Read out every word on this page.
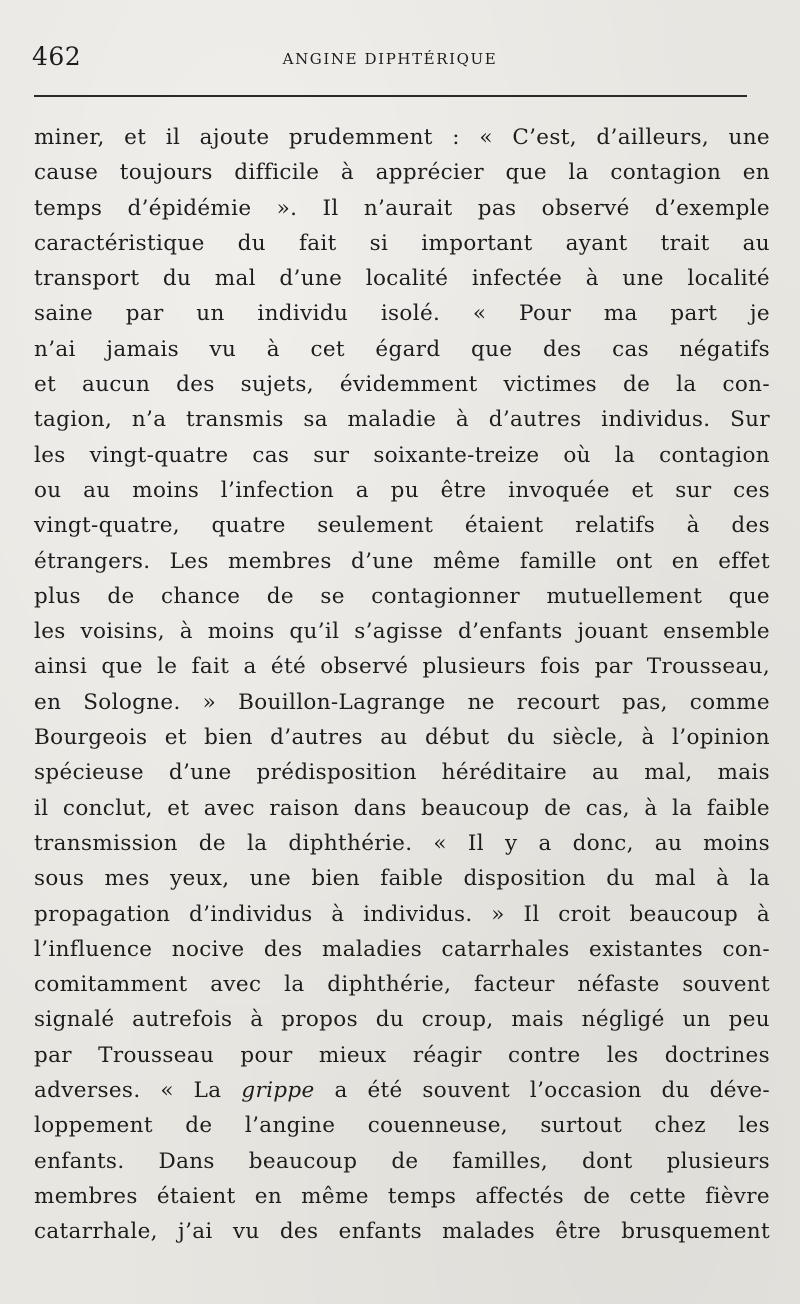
462	ANGINE DIPHTÉRIQUE
miner, et il ajoute prudemment : « C’est, d’ailleurs, une
cause toujours difficile à apprécier que la contagion en
temps d’épidémie ». Il n’aurait pas observé d’exemple
caractéristique du fait si important ayant trait au
transport du mal d’une localité infectée à une localité
saine par un individu isolé. « Pour ma part je
n’ai jamais vu à cet égard que des cas négatifs
et aucun des sujets, évidemment victimes de la con-
tagion, n’a transmis sa maladie à d’autres individus. Sur
les vingt-quatre cas sur soixante-treize où la contagion
ou au moins l’infection a pu être invoquée et sur ces
vingt-quatre, quatre seulement étaient relatifs à des
étrangers. Les membres d’une même famille ont en effet
plus de chance de se contagionner mutuellement que
les voisins, à moins qu’il s’agisse d’enfants jouant ensemble
ainsi que le fait a été observé plusieurs fois par Trousseau,
en Sologne. » Bouillon-Lagrange ne recourt pas, comme
Bourgeois et bien d’autres au début du siècle, à l’opinion
spécieuse d’une prédisposition héréditaire au mal, mais
il conclut, et avec raison dans beaucoup de cas, à la faible
transmission de la diphthérie. « Il y a donc, au moins
sous mes yeux, une bien faible disposition du mal à la
propagation d’individus à individus. » Il croit beaucoup à
l’influence nocive des maladies catarrhales existantes con-
comitamment avec la diphthérie, facteur néfaste souvent
signalé autrefois à propos du croup, mais négligé un peu
par Trousseau pour mieux réagir contre les doctrines
adverses. « La grippe a été souvent l’occasion du déve-
loppement de l’angine couenneuse, surtout chez les
enfants. Dans beaucoup de familles, dont plusieurs
membres étaient en même temps affectés de cette fièvre
catarrhale, j’ai vu des enfants malades être brusquement
